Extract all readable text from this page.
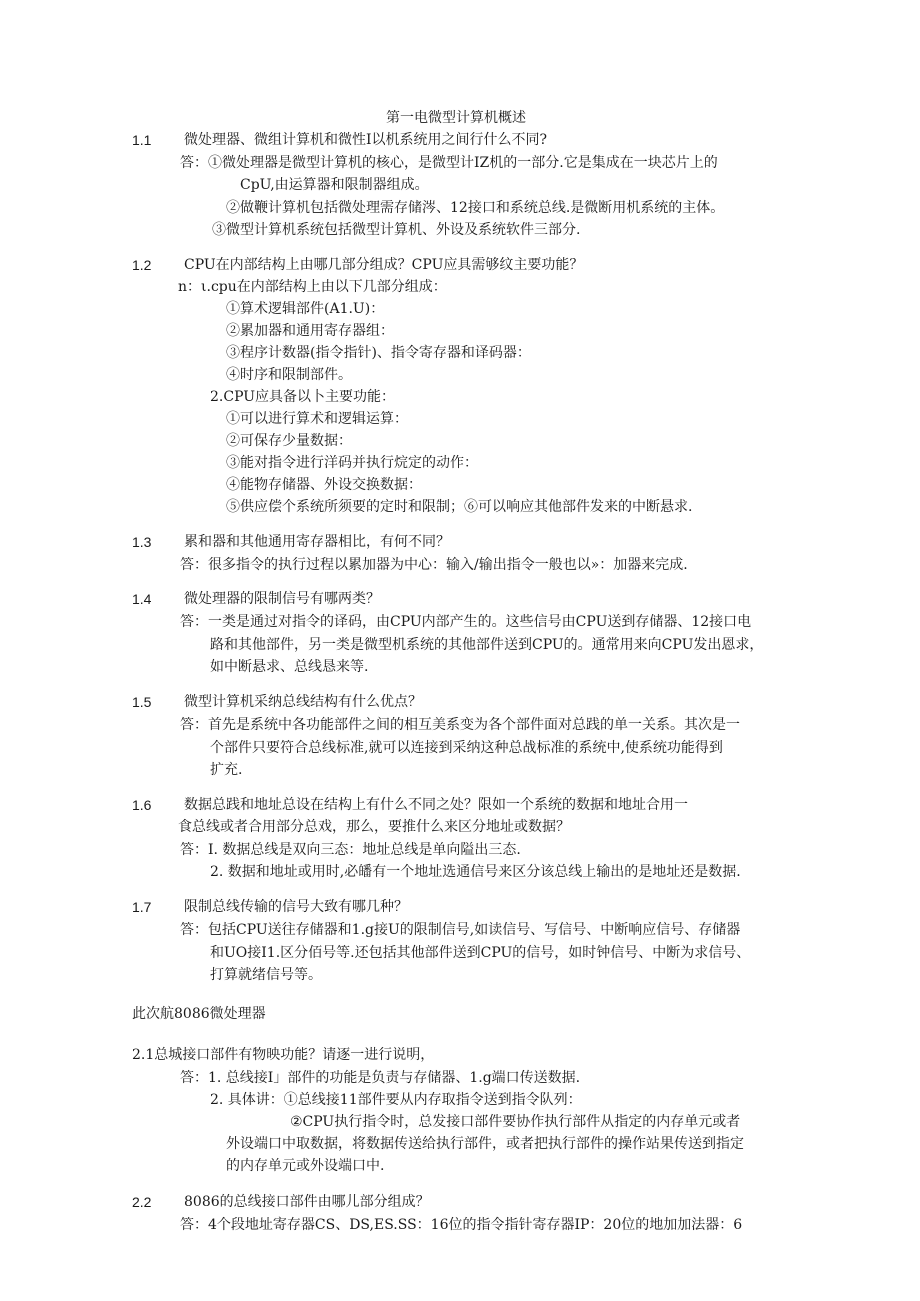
第一电微型计算机概述
1.1 微处理器、微组计算机和微性I以机系统用之间行什么不同?
答：①微处理器是微型计算机的核心，是微型计IZ机的一部分.它是集成在一块芯片上的
CpU,由运算器和限制器组成。
②做鞭计算机包括微处理需存储涔、12接口和系统总线.是微断用机系统的主体。
③微型计算机系统包括微型计算机、外设及系统软件三部分.
1.2 CPU在内部结构上由哪几部分组成？CPU应具需够纹主要功能？
n：ι.cpu在内部结构上由以下几部分组成：
①算术逻辑部件(A1.U)：
②累加器和通用寄存器组：
③程序计数器(指令指针)、指令寄存器和译码器：
④时序和限制部件。
2.CPU应具备以卜主要功能：
①可以进行算术和逻辑运算：
②可保存少量数据：
③能对指令进行洋码并执行烷定的动作：
④能物存储器、外设交换数据：
⑤供应偿个系统所须要的定时和限制；⑥可以响应其他部件发来的中断悬求.
1.3 累和器和其他通用寄存器相比，有何不同？
答：很多指令的执行过程以累加器为中心：输入/输出指令一般也以»：加器来完成.
1.4 微处理器的限制信号有哪两类？
答：一类是通过对指令的译码，由CPU内部产生的。这些信号由CPU送到存储器、12接口电
路和其他部件，另一类是微型机系统的其他部件送到CPU的。通常用来向CPU发出恩求，
如中断悬求、总线恳来等.
1.5 微型计算机采纳总线结构有什么优点？
答：首先是系统中各功能部件之间的相互美系变为各个部件面对总践的单一关系。其次是一
个部件只要符合总线标准,就可以连接到采纳这种总战标准的系统中,使系统功能得到
扩充.
1.6 数据总践和地址总设在结构上有什么不同之处？限如一个系统的数据和地址合用一
食总线或者合用部分总戏，那么，要推什么来区分地址或数据？
答：I. 数据总线是双向三态：地址总线是单向隘出三态.
2. 数据和地址或用时,必皤有一个地址选通信号来区分该总线上输出的是地址还是数据.
1.7 限制总线传输的信号大致有哪几种？
答：包括CPU送往存储器和1.g接U的限制信号,如读信号、写信号、中断响应信号、存储器
和UO接I1.区分佰号等.还包括其他部件送到CPU的信号，如时钟信号、中断为求信号、
打算就绪信号等。
此次航8086微处理器
2.1总城接口部件有物映功能？请逐一进行说明，
答：1. 总线接I」部件的功能是负责与存储器、1.g端口传送数据.
2. 具体讲：①总线接11部件要从内存取指令送到指令队列：
②CPU执行指令时，总发接口部件要协作执行部件从指定的内存单元或者
外设端口中取数据，将数据传送给执行部件，或者把执行部件的操作站果传送到指定
的内存单元或外设端口中.
2.2 8086的总线接口部件由哪儿部分组成？
答：4个段地址寄存器CS、DS,ES.SS：16位的指令指针寄存器IP：20位的地加加法器：6
